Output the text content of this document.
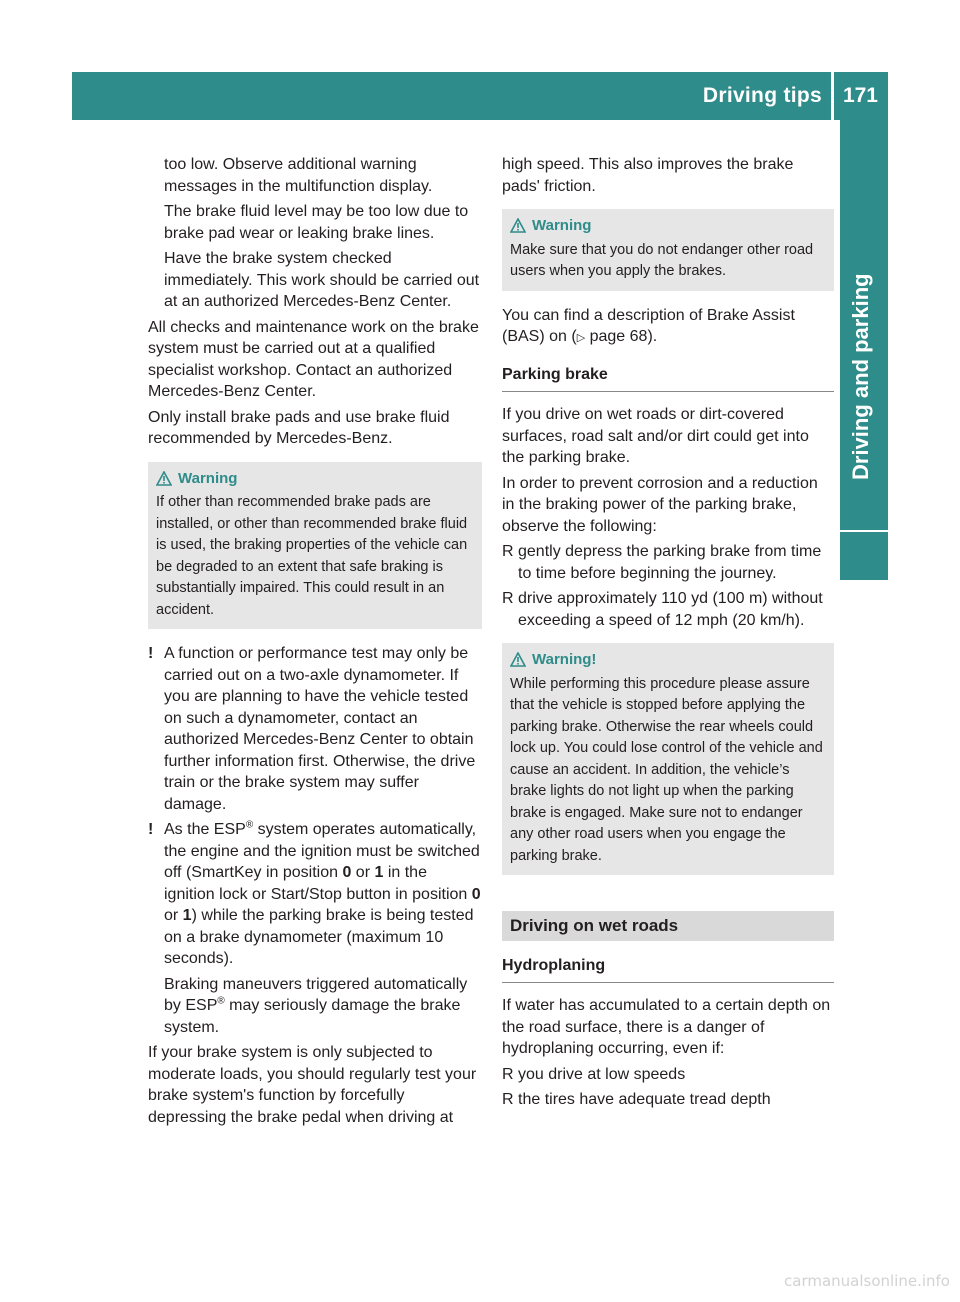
Driving tips 171
Driving and parking

too low. Observe additional warning messages in the multifunction display.

The brake fluid level may be too low due to brake pad wear or leaking brake lines.

Have the brake system checked immediately. This work should be carried out at an authorized Mercedes-Benz Center.

All checks and maintenance work on the brake system must be carried out at a qualified specialist workshop. Contact an authorized Mercedes-Benz Center.

Only install brake pads and use brake fluid recommended by Mercedes-Benz.

Warning
If other than recommended brake pads are installed, or other than recommended brake fluid is used, the braking properties of the vehicle can be degraded to an extent that safe braking is substantially impaired. This could result in an accident.

! A function or performance test may only be carried out on a two-axle dynamometer. If you are planning to have the vehicle tested on such a dynamometer, contact an authorized Mercedes-Benz Center to obtain further information first. Otherwise, the drive train or the brake system may suffer damage.

! As the ESP® system operates automatically, the engine and the ignition must be switched off (SmartKey in position 0 or 1 in the ignition lock or Start/Stop button in position 0 or 1) while the parking brake is being tested on a brake dynamometer (maximum 10 seconds).

Braking maneuvers triggered automatically by ESP® may seriously damage the brake system.

If your brake system is only subjected to moderate loads, you should regularly test your brake system's function by forcefully depressing the brake pedal when driving at

high speed. This also improves the brake pads' friction.

Warning
Make sure that you do not endanger other road users when you apply the brakes.

You can find a description of Brake Assist (BAS) on (▷ page 68).

Parking brake

If you drive on wet roads or dirt-covered surfaces, road salt and/or dirt could get into the parking brake.

In order to prevent corrosion and a reduction in the braking power of the parking brake, observe the following:

R gently depress the parking brake from time to time before beginning the journey.

R drive approximately 110 yd (100 m) without exceeding a speed of 12 mph (20 km/h).

Warning!
While performing this procedure please assure that the vehicle is stopped before applying the parking brake. Otherwise the rear wheels could lock up. You could lose control of the vehicle and cause an accident. In addition, the vehicle’s brake lights do not light up when the parking brake is engaged. Make sure not to endanger any other road users when you engage the parking brake.
Driving on wet roads
Hydroplaning

If water has accumulated to a certain depth on the road surface, there is a danger of hydroplaning occurring, even if:

R you drive at low speeds

R the tires have adequate tread depth

carmanualsonline.info
